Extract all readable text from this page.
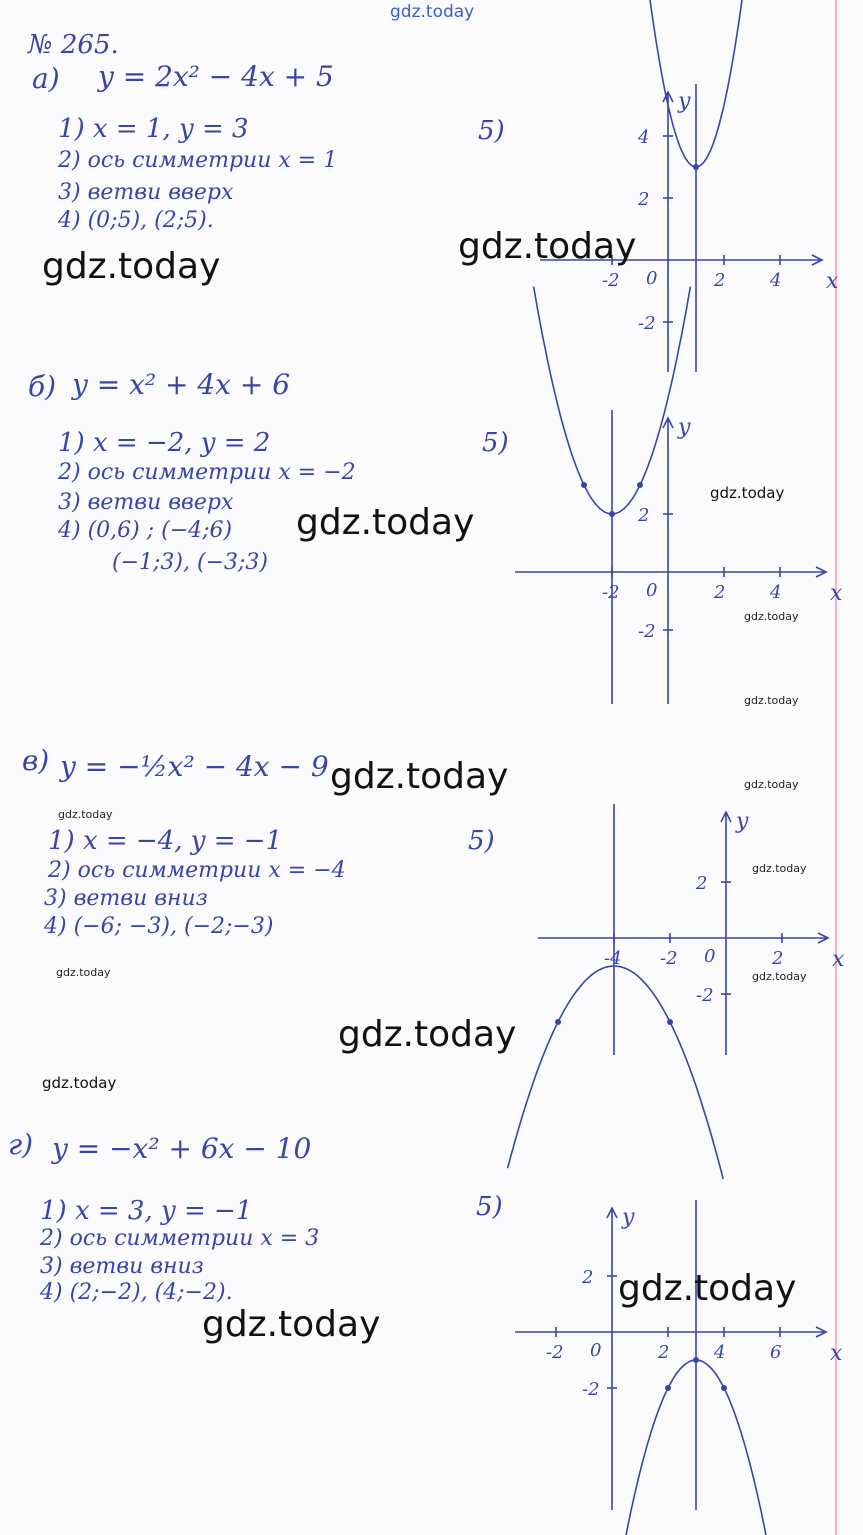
gdz.today
№ 265.
а) y = 2x² − 4x + 5
1) x = 1, y = 3
2) ось симметрии x = 1
3) ветви вверх
4) (0;5), (2;5).
5)
x
y
0
-2	2 4
4
2
-2
gdz.today	gdz.today
б) y = x² + 4x + 6
1) x = −2, y = 2
2) ось симметрии x = −2
3) ветви вверх
4) (0,6) ; (−4;6)
(−1;3), (−3;3)
5)
x
y
0
-2	2 4
2
-2
gdz.today
gdz.today
gdz.today
gdz.today
в) y = −½x² − 4x − 9
1) x = −4, y = −1
2) ось симметрии x = −4
3) ветви вниз
4) (−6; −3), (−2;−3)
5)
x
y
0
-4 -2	2
2
-2
gdz.today	gdz.today
gdz.today
gdz.today
gdz.today
gdz.today
gdz.today
gdz.today
г) y = −x² + 6x − 10
1) x = 3, y = −1
2) ось симметрии x = 3
3) ветви вниз
4) (2;−2), (4;−2).
5)
x
y
0
-2	2 4 6
2
-2
gdz.today
gdz.today
